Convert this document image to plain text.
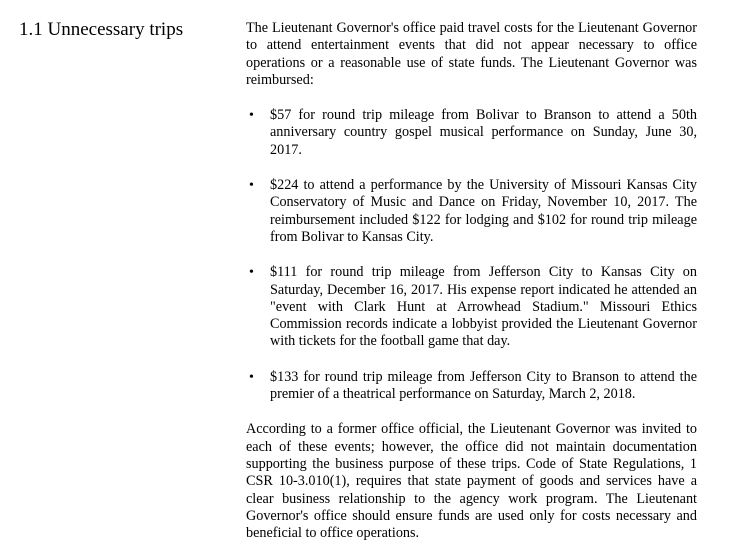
1.1 Unnecessary trips	The Lieutenant Governor's office paid travel costs for the Lieutenant Governor to attend entertainment events that did not appear necessary to office operations or a reasonable use of state funds. The Lieutenant Governor was reimbursed:

• $57 for round trip mileage from Bolivar to Branson to attend a 50th anniversary country gospel musical performance on Sunday, June 30, 2017.
• $224 to attend a performance by the University of Missouri Kansas City Conservatory of Music and Dance on Friday, November 10, 2017. The reimbursement included $122 for lodging and $102 for round trip mileage from Bolivar to Kansas City.
• $111 for round trip mileage from Jefferson City to Kansas City on Saturday, December 16, 2017. His expense report indicated he attended an "event with Clark Hunt at Arrowhead Stadium." Missouri Ethics Commission records indicate a lobbyist provided the Lieutenant Governor with tickets for the football game that day.
• $133 for round trip mileage from Jefferson City to Branson to attend the premier of a theatrical performance on Saturday, March 2, 2018.

According to a former office official, the Lieutenant Governor was invited to each of these events; however, the office did not maintain documentation supporting the business purpose of these trips. Code of State Regulations, 1 CSR 10-3.010(1), requires that state payment of goods and services have a clear business relationship to the agency work program. The Lieutenant Governor's office should ensure funds are used only for costs necessary and beneficial to office operations.
